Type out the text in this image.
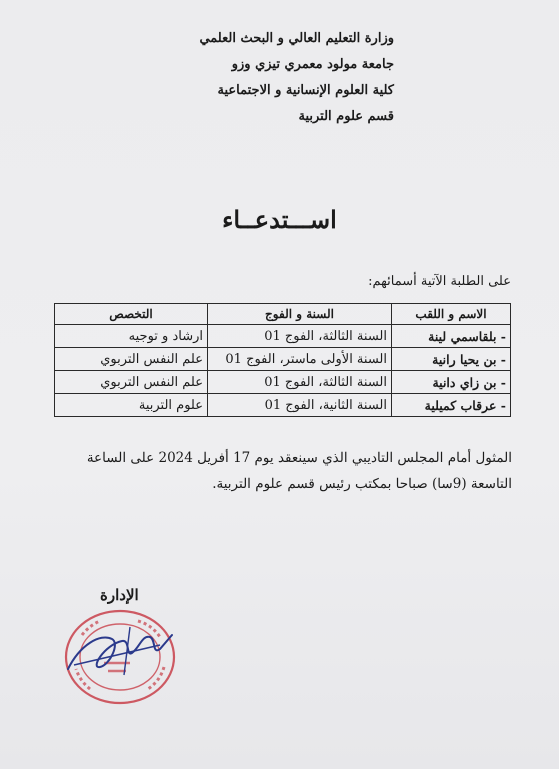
وزارة التعليم العالي و البحث العلمي
جامعة مولود معمري تيزي وزو
كلية العلوم الإنسانية و الاجتماعية
قسم علوم التربية
اســـتدعــاء
على الطلبة الآتية أسمائهم:
الاسم و اللقب	السنة و الفوج	التخصص
- بلقاسمي لينة	السنة الثالثة، الفوج 01	ارشاد و توجيه
- بن يحيا رانية	السنة الأولى ماستر، الفوج 01	علم النفس التربوي
- بن زاي دانية	السنة الثالثة، الفوج 01	علم النفس التربوي
- عرقاب كميلية	السنة الثانية، الفوج 01	علوم التربية
المثول أمام المجلس التاديبي الذي سينعقد يوم 17 أفريل 2024 على الساعة
التاسعة (9سا) صباحا بمكتب رئيس قسم علوم التربية.
الإدارة
